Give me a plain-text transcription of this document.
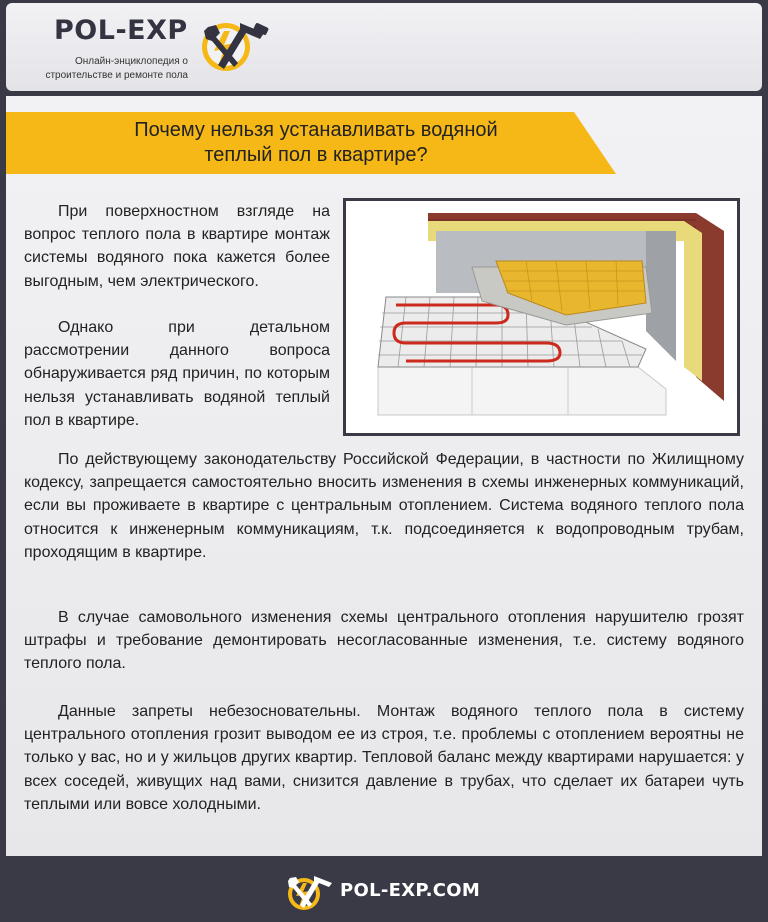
POL-EXP
Онлайн-энциклопедия о
строительстве и ремонте пола
Почему нельзя устанавливать водяной
теплый пол в квартире?

При поверхностном взгляде на вопрос теплого пола в квартире монтаж системы водяного пока кажется более выгодным, чем электрического.

Однако при детальном рассмотрении данного вопроса обнаруживается ряд причин, по которым нельзя устанавливать водяной теплый пол в квартире.

По действующему законодательству Российской Федерации, в частности по Жилищному кодексу, запрещается самостоятельно вносить изменения в схемы инженерных коммуникаций, если вы проживаете в квартире с центральным отоплением. Система водяного теплого пола относится к инженерным коммуникациям, т.к. подсоединяется к водопроводным трубам, проходящим в квартире.

В случае самовольного изменения схемы центрального отопления нарушителю грозят штрафы и требование демонтировать несогласованные изменения, т.е. систему водяного теплого пола.

Данные запреты небезосновательны. Монтаж водяного теплого пола в систему центрального отопления грозит выводом ее из строя, т.е. проблемы с отоплением вероятны не только у вас, но и у жильцов других квартир. Тепловой баланс между квартирами нарушается: у всех соседей, живущих над вами, снизится давление в трубах, что сделает их батареи чуть теплыми или вовсе холодными.

POL-EXP.COM
